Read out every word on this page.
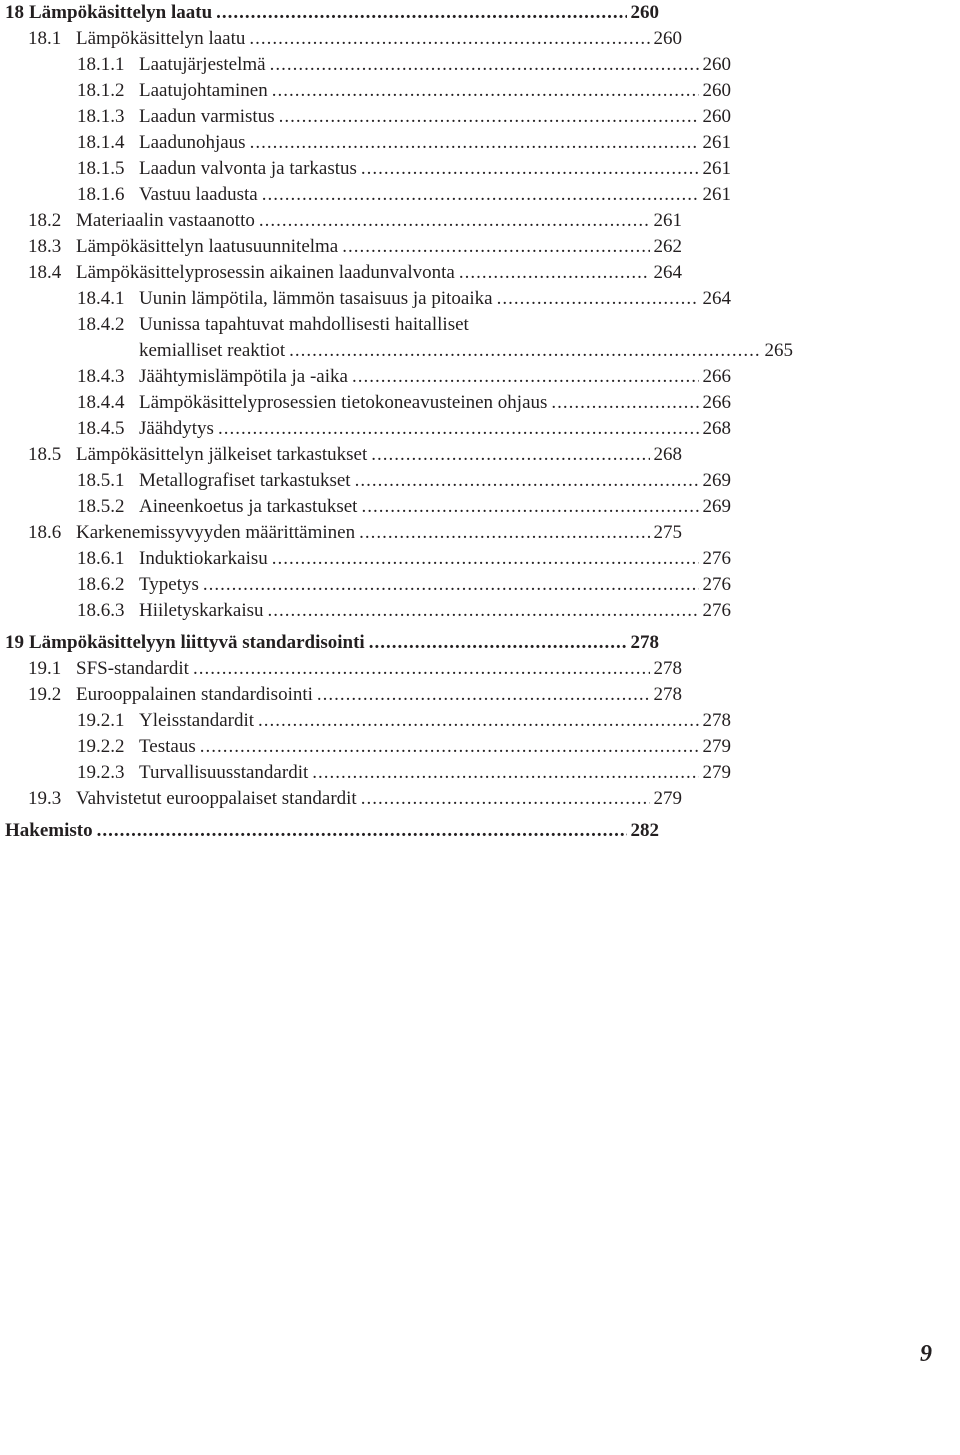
18 Lämpökäsittelyn laatu .....	260
18.1 Lämpökäsittelyn laatu .....	260
18.1.1 Laatujärjestelmä .....	260
18.1.2 Laatujohtaminen .....	260
18.1.3 Laadun varmistus .....	260
18.1.4 Laadunohjaus .....	261
18.1.5 Laadun valvonta ja tarkastus .....	261
18.1.6 Vastuu laadusta .....	261
18.2 Materiaalin vastaanotto .....	261
18.3 Lämpökäsittelyn laatusuunnitelma .....	262
18.4 Lämpökäsittelyprosessin aikainen laadunvalvonta .....	264
18.4.1 Uunin lämpötila, lämmön tasaisuus ja pitoaika .....	264
18.4.2 Uunissa tapahtuvat mahdollisesti haitalliset
kemialliset reaktiot .....	265
18.4.3 Jäähtymislämpötila ja -aika .....	266
18.4.4 Lämpökäsittelyprosessien tietokoneavusteinen ohjaus .....	266
18.4.5 Jäähdytys .....	268
18.5 Lämpökäsittelyn jälkeiset tarkastukset .....	268
18.5.1 Metallografiset tarkastukset .....	269
18.5.2 Aineenkoetus ja tarkastukset .....	269
18.6 Karkenemissyvyyden määrittäminen .....	275
18.6.1 Induktiokarkaisu .....	276
18.6.2 Typetys .....	276
18.6.3 Hiiletyskarkaisu .....	276
19 Lämpökäsittelyyn liittyvä standardisointi .....	278
19.1 SFS-standardit .....	278
19.2 Eurooppalainen standardisointi .....	278
19.2.1 Yleisstandardit .....	278
19.2.2 Testaus .....	279
19.2.3 Turvallisuusstandardit .....	279
19.3 Vahvistetut eurooppalaiset standardit .....	279
Hakemisto .....	282
9
